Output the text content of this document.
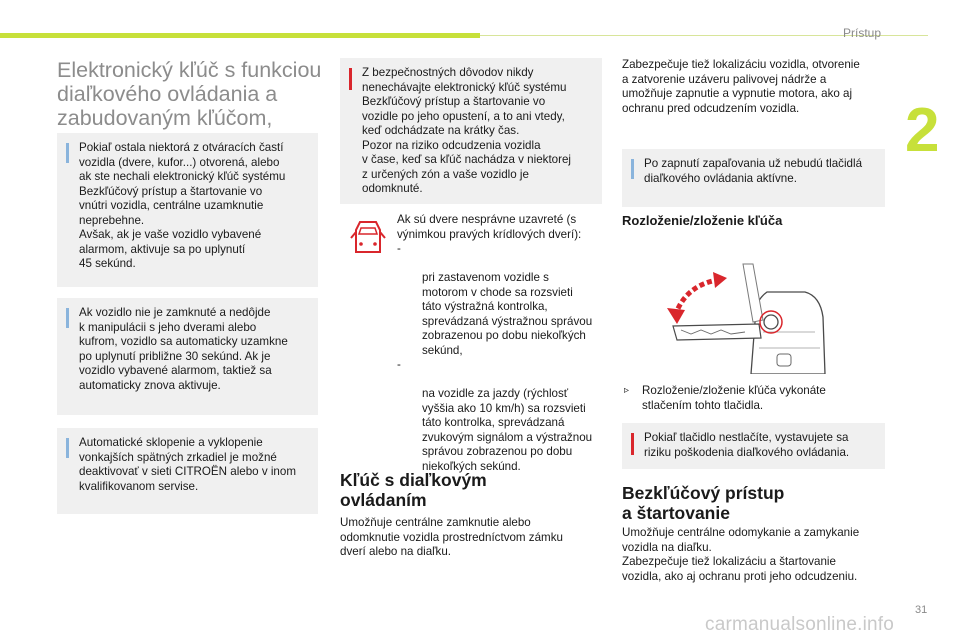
Prístup
2
Elektronický kľúč s funkciou diaľkového ovládania a zabudovaným kľúčom,
Pokiaľ ostala niektorá z otváracích častí
vozidla (dvere, kufor...) otvorená, alebo
ak ste nechali elektronický kľúč systému
Bezkľúčový prístup a štartovanie vo
vnútri vozidla, centrálne uzamknutie
neprebehne.
Avšak, ak je vaše vozidlo vybavené
alarmom, aktivuje sa po uplynutí
45 sekúnd.
Ak vozidlo nie je zamknuté a nedôjde
k manipulácii s jeho dverami alebo
kufrom, vozidlo sa automaticky uzamkne
po uplynutí približne 30 sekúnd. Ak je
vozidlo vybavené alarmom, taktiež sa
automaticky znova aktivuje.
Automatické sklopenie a vyklopenie
vonkajších spätných zrkadiel je možné
deaktivovať v sieti CITROËN alebo v inom
kvalifikovanom servise.
Z bezpečnostných dôvodov nikdy
nenechávajte elektronický kľúč systému
Bezkľúčový prístup a štartovanie vo
vozidle po jeho opustení, a to ani vtedy,
keď odchádzate na krátky čas.
Pozor na riziko odcudzenia vozidla
v čase, keď sa kľúč nachádza v niektorej
z určených zón a vaše vozidlo je
odomknuté.
Ak sú dvere nesprávne uzavreté (s
výnimkou pravých krídlových dverí):

-

pri zastavenom vozidle s
motorom v chode sa rozsvieti
táto výstražná kontrolka,
sprevádzaná výstražnou správou
zobrazenou po dobu niekoľkých
sekúnd,

-

na vozidle za jazdy (rýchlosť
vyššia ako 10 km/h) sa rozsvieti
táto kontrolka, sprevádzaná
zvukovým signálom a výstražnou
správou zobrazenou po dobu
niekoľkých sekúnd.

Kľúč s diaľkovým
ovládaním
Umožňuje centrálne zamknutie alebo
odomknutie vozidla prostredníctvom zámku
dverí alebo na diaľku.
Zabezpečuje tiež lokalizáciu vozidla, otvorenie
a zatvorenie uzáveru palivovej nádrže a
umožňuje zapnutie a vypnutie motora, ako aj
ochranu pred odcudzením vozidla.
Po zapnutí zapaľovania už nebudú tlačidlá
diaľkového ovládania aktívne.
Rozloženie/zloženie kľúča
▹	Rozloženie/zloženie kľúča vykonáte
stlačením tohto tlačidla.
Pokiaľ tlačidlo nestlačíte, vystavujete sa
riziku poškodenia diaľkového ovládania.
Bezkľúčový prístup
a štartovanie
Umožňuje centrálne odomykanie a zamykanie
vozidla na diaľku.
Zabezpečuje tiež lokalizáciu a štartovanie
vozidla, ako aj ochranu proti jeho odcudzeniu.
31
carmanualsonline.info
